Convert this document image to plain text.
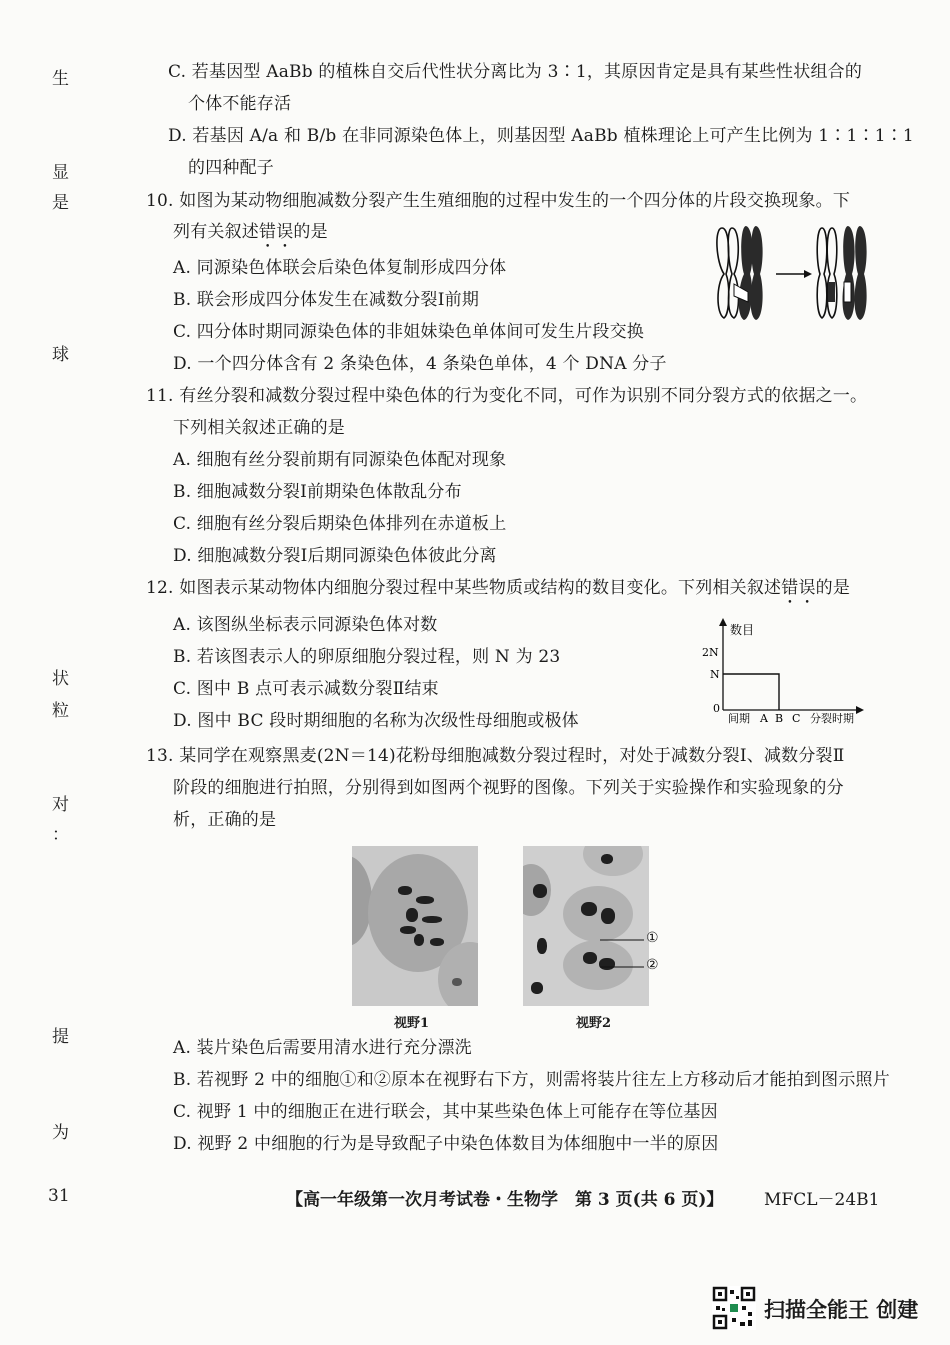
生
显
是
球
状
粒
对
：
提
为
31
C. 若基因型 AaBb 的植株自交后代性状分离比为 3∶1，其原因肯定是具有某些性状组合的
个体不能存活
D. 若基因 A/a 和 B/b 在非同源染色体上，则基因型 AaBb 植株理论上可产生比例为 1∶1∶1∶1
的四种配子
10. 如图为某动物细胞减数分裂产生生殖细胞的过程中发生的一个四分体的片段交换现象。下
列有关叙述错误的是
A. 同源染色体联会后染色体复制形成四分体
B. 联会形成四分体发生在减数分裂Ⅰ前期
C. 四分体时期同源染色体的非姐妹染色单体间可发生片段交换
D. 一个四分体含有 2 条染色体，4 条染色单体，4 个 DNA 分子
11. 有丝分裂和减数分裂过程中染色体的行为变化不同，可作为识别不同分裂方式的依据之一。
下列相关叙述正确的是
A. 细胞有丝分裂前期有同源染色体配对现象
B. 细胞减数分裂Ⅰ前期染色体散乱分布
C. 细胞有丝分裂后期染色体排列在赤道板上
D. 细胞减数分裂Ⅰ后期同源染色体彼此分离
12. 如图表示某动物体内细胞分裂过程中某些物质或结构的数目变化。下列相关叙述错误的是
A. 该图纵坐标表示同源染色体对数
B. 若该图表示人的卵原细胞分裂过程，则 N 为 23
C. 图中 B 点可表示减数分裂Ⅱ结束
D. 图中 BC 段时期细胞的名称为次级性母细胞或极体
数目
2N
N
0
间期 A B C 分裂时期
13. 某同学在观察黑麦(2N＝14)花粉母细胞减数分裂过程时，对处于减数分裂Ⅰ、减数分裂Ⅱ
阶段的细胞进行拍照，分别得到如图两个视野的图像。下列关于实验操作和实验现象的分
析，正确的是
①
②
视野1	视野2
A. 装片染色后需要用清水进行充分漂洗
B. 若视野 2 中的细胞①和②原本在视野右下方，则需将装片往左上方移动后才能拍到图示照片
C. 视野 1 中的细胞正在进行联会，其中某些染色体上可能存在等位基因
D. 视野 2 中细胞的行为是导致配子中染色体数目为体细胞中一半的原因
【高一年级第一次月考试卷・生物学　第 3 页(共 6 页)】 MFCL－24B1
扫描全能王 创建
